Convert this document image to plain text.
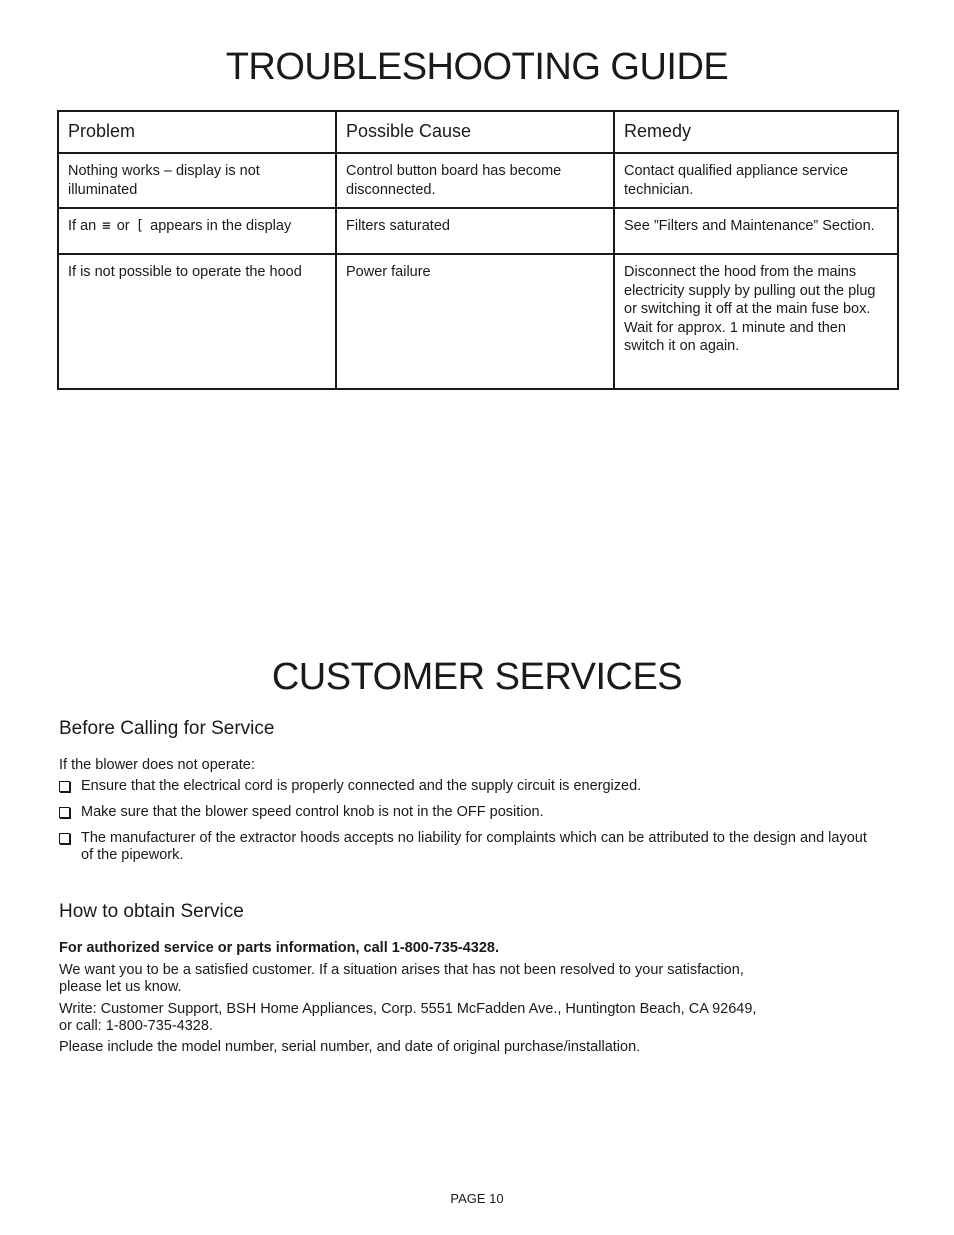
TROUBLESHOOTING GUIDE
Problem	Possible Cause	Remedy
Nothing works – display is not illuminated	Control button board has become disconnected.	Contact qualified appliance service technician.
If an ≡ or [ appears in the display	Filters saturated	See ”Filters and Maintenance” Section.
If is not possible to operate the hood	Power failure	Disconnect the hood from the mains electricity supply by pulling out the plug or switching it off at the main fuse box.
Wait for approx. 1 minute and then switch it on again.
CUSTOMER SERVICES
Before Calling for Service

If the blower does not operate:

Ensure that the electrical cord is properly connected and the supply circuit is energized.
Make sure that the blower speed control knob is not in the OFF position.
The manufacturer of the extractor hoods accepts no liability for complaints which can be attributed to the design and layout of the pipework.
How to obtain Service

For authorized service or parts information, call 1-800-735-4328.

We want you to be a satisfied customer. If a situation arises that has not been resolved to your satisfaction,
please let us know.

Write: Customer Support, BSH Home Appliances, Corp. 5551 McFadden Ave., Huntington Beach, CA 92649,
or call: 1-800-735-4328.

Please include the model number, serial number, and date of original purchase/installation.

PAGE 10
